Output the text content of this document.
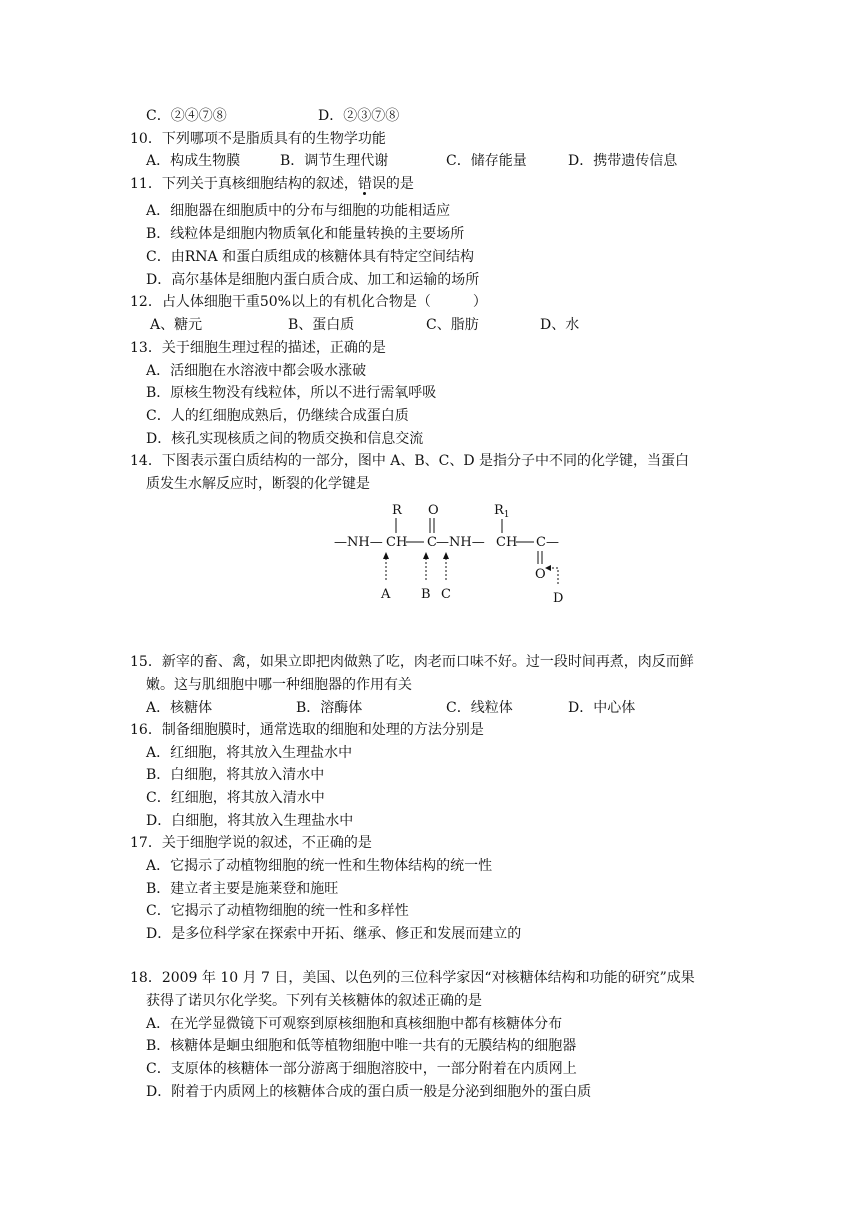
C．②④⑦⑧	D．②③⑦⑧
10．下列哪项不是脂质具有的生物学功能
A．构成生物膜	B．调节生理代谢	C．储存能量	D．携带遗传信息
11．下列关于真核细胞结构的叙述，错误的是
A．细胞器在细胞质中的分布与细胞的功能相适应
B．线粒体是细胞内物质氧化和能量转换的主要场所
C．由RNA 和蛋白质组成的核糖体具有特定空间结构
D．高尔基体是细胞内蛋白质合成、加工和运输的场所
12．占人体细胞干重50%以上的有机化合物是（　　　）
A、糖元	B、蛋白质	C、脂肪	D、水
13．关于细胞生理过程的描述，正确的是
A．活细胞在水溶液中都会吸水涨破
B．原核生物没有线粒体，所以不进行需氧呼吸
C．人的红细胞成熟后，仍继续合成蛋白质
D．核孔实现核质之间的物质交换和信息交流
14．下图表示蛋白质结构的一部分，图中 A、B、C、D 是指分子中不同的化学键，当蛋白
质发生水解反应时，断裂的化学键是
—NH— CH C —NH— CH C—
R O	$R_1$
O
A B C	D
15．新宰的畜、禽，如果立即把肉做熟了吃，肉老而口味不好。过一段时间再煮，肉反而鲜
嫩。这与肌细胞中哪一种细胞器的作用有关
A．核糖体	B．溶酶体	C．线粒体	D．中心体
16．制备细胞膜时，通常选取的细胞和处理的方法分别是
A．红细胞，将其放入生理盐水中
B．白细胞，将其放入清水中
C．红细胞，将其放入清水中
D．白细胞，将其放入生理盐水中
17．关于细胞学说的叙述，不正确的是
A．它揭示了动植物细胞的统一性和生物体结构的统一性
B．建立者主要是施莱登和施旺
C．它揭示了动植物细胞的统一性和多样性
D．是多位科学家在探索中开拓、继承、修正和发展而建立的
18．2009 年 10 月 7 日，美国、以色列的三位科学家因“对核糖体结构和功能的研究”成果
获得了诺贝尔化学奖。下列有关核糖体的叙述正确的是
A．在光学显微镜下可观察到原核细胞和真核细胞中都有核糖体分布
B．核糖体是蛔虫细胞和低等植物细胞中唯一共有的无膜结构的细胞器
C．支原体的核糖体一部分游离于细胞溶胶中，一部分附着在内质网上
D．附着于内质网上的核糖体合成的蛋白质一般是分泌到细胞外的蛋白质
